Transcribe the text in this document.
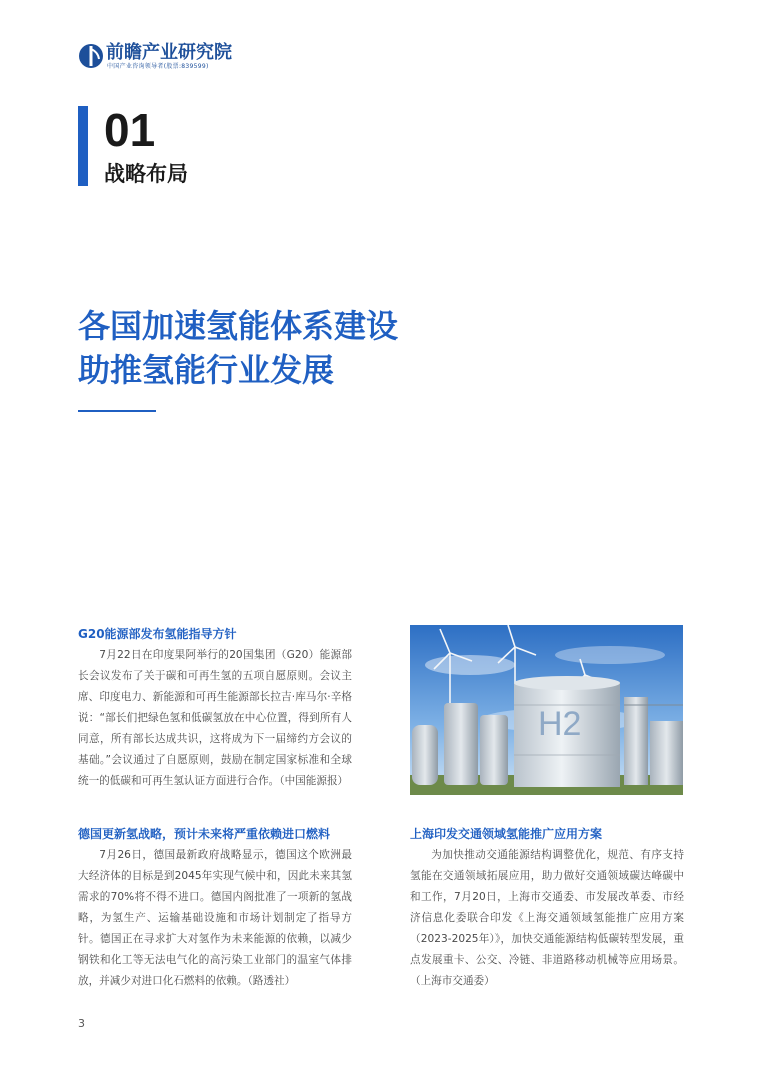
前瞻产业研究院
中国产业咨询领导者(股票:839599)
01
战略布局
各国加速氢能体系建设
助推氢能行业发展
G20能源部发布氢能指导方针

7月22日在印度果阿举行的20国集团（G20）能源部长会议发布了关于碳和可再生氢的五项自愿原则。会议主席、印度电力、新能源和可再生能源部长拉吉·库马尔·辛格说：“部长们把绿色氢和低碳氢放在中心位置，得到所有人同意，所有部长达成共识，这将成为下一届缔约方会议的基础。”会议通过了自愿原则，鼓励在制定国家标准和全球统一的低碳和可再生氢认证方面进行合作。（中国能源报）

H2
德国更新氢战略，预计未来将严重依赖进口燃料

7月26日，德国最新政府战略显示，德国这个欧洲最大经济体的目标是到2045年实现气候中和，因此未来其氢需求的70%将不得不进口。德国内阁批准了一项新的氢战略，为氢生产、运输基础设施和市场计划制定了指导方针。德国正在寻求扩大对氢作为未来能源的依赖，以减少钢铁和化工等无法电气化的高污染工业部门的温室气体排放，并减少对进口化石燃料的依赖。（路透社）

上海印发交通领域氢能推广应用方案

为加快推动交通能源结构调整优化，规范、有序支持氢能在交通领域拓展应用，助力做好交通领域碳达峰碳中和工作，7月20日，上海市交通委、市发展改革委、市经济信息化委联合印发《上海交通领域氢能推广应用方案（2023-2025年）》，加快交通能源结构低碳转型发展，重点发展重卡、公交、冷链、非道路移动机械等应用场景。（上海市交通委）

3
